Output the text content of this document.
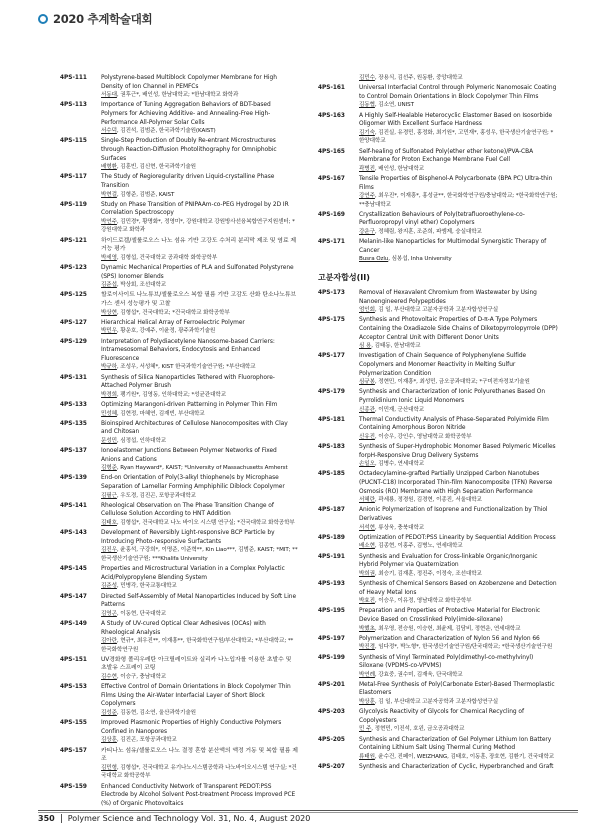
2020 추계학술대회
4PS-111	Polystyrene-based Multiblock Copolymer Membrane for High Density of Ion Channel in PEMFCs
서동대, 권후근*, 배인성, 한남대학교; *한남대학교 화학과
4PS-113	Importance of Tuning Aggregation Behaviors of BDT-based Polymers for Achieving Additive- and Annealing-Free High-Performance All-Polymer Solar Cells
서수덕, 김진석, 김범준, 한국과학기술원(KAIST)
4PS-115	Single-Step Production of Doubly Re-entrant Microstructures through Reaction-Diffusion Photolithography for Omniphobic Surfaces
배형환, 김훈빈, 김신현, 한국과학기술원
4PS-117	The Study of Regioregularity driven Liquid-crystalline Phase Transition
박현걸, 김형준, 김범준, KAIST
4PS-119	Study on Phase Transition of PNIPAAm-co-PEG Hydrogel by 2D IR Correlation Spectroscopy
박연주, 김민경*, 황명화*, 정영미*, 강원대학교 강원방사선융복합연구지원센터; *강원대학교 화학과
4PS-121	하이드로겔/셀룰로오스 나노 섬유 기반 고강도 수처리 분리막 제조 및 염료 제거능 평가
박세영, 김형섭, 건국대학교 공과대학 화학공학부
4PS-123	Dynamic Mechanical Properties of PLA and Sulfonated Polystyrene (SPS) Ionomer Blends
김준섭, 박상회, 조선대학교
4PS-125	할로이사이트 나노튜브/셀룰로오스 복합 필름 기반 고감도 산화 탄소나노튜브 가스 센서 성능평가 및 고찰
박상현, 김형섭*, 건국대학교; *건국대학교 화학공학부
4PS-127	Hierarchical Helical Array of Ferroelectric Polymer
박민우, 황운호, 강예주, 이윤정, 광주과학기술원
4PS-129	Interpretation of Polydiacetylene Nanosome-based Carriers: Intramesosomal Behaviors, Endocytosis and Enhanced Fluorescence
박규하, 조성우, 서성혜*, KIST 한국과학기술연구원; *부산대학교
4PS-131	Synthesis of Silica Nanoparticles Tethered with Fluorophore-Attached Polymer Brush
박경희, 팽기원*, 김영동, 인하대학교; *성균관대학교
4PS-133	Optimizing Marangoni-driven Patterning in Polymer Thin Film
민성혜, 김현정, 마혜연, 김재빈, 부산대학교
4PS-135	Bioinspired Architectures of Cellulose Nanocomposites with Clay and Chitosan
문성민, 심정섭, 인하대학교
4PS-137	Ionoelastomer Junctions Between Polymer Networks of Fixed Anions and Cations
김형준, Ryan Hayward*, KAIST; *University of Massachusetts Amherst
4PS-139	End-on Orientation of Poly(3-alkyl thiophene)s by Microphase Separation of Lamellar Forming Amphiphilic Diblock Copolymer
김필근, 우도경, 김진곤, 포항공과대학교
4PS-141	Rheological Observation on The Phase Transition Change of Cellulose Solution According to HNT Addition
김태호, 김형섭*, 건국대학교 나노 바이오 시스템 연구실; *건국대학교 화학공학부
4PS-143	Development of Reversibly Light-responsive BCP Particle by Introducing Photo-responsive Surfactants
김진우, 윤홍석, 구강희*, 이명준, 이준혁**, Kin Liao***, 김범준, KAIST; *MIT; **한국생산기술연구원; ***Khalifa University
4PS-145	Properties and Microstructural Variation in a Complex Polylactic Acid/Polypropylene Blending System
김준성, 민병각, 한국교통대학교
4PS-147	Directed Self-Assembly of Metal Nanoparticles Induced by Soft Line Patterns
김영곤, 이동현, 단국대학교
4PS-149	A Study of UV-cured Optical Clear Adhesives (OCAs) with Rheological Analysis
김아란, 현규*, 최우진**, 이재흥**, 한국화학연구원/부산대학교; *부산대학교; **한국화학연구원
4PS-151	UV경화형 폴리우레탄 아크릴레이트와 실리카 나노입자를 이용한 초발수 및 초발유 스프레이 코팅
김수현, 이승구, 충남대학교
4PS-153	Effective Control of Domain Orientations in Block Copolymer Thin Films Using the Air-Water Interfacial Layer of Short Block Copolymers
김성준, 김동현, 김소연, 울산과학기술원
4PS-155	Improved Plasmonic Properties of Highly Conductive Polymers Confined in Nanopores
김상훈, 김진곤, 포항공과대학교
4PS-157	카티나노 섬유/셀룰로오스 나노 결정 혼합 분산액의 액정 거동 및 복합 필름 제조
김민형, 김형섭*, 건국대학교 유기나노시스템공학과 나노바이오시스템 연구실; *건국대학교 화학공학부
4PS-159	Enhanced Conductivity Network of Transparent PEDOT:PSS Electrode by Alcohol Solvent Post-treatment Process Improved PCE (%) of Organic Photovoltaics
김민수, 장용식, 김선주, 원동환, 중앙대학교
4PS-161	Universal Interfacial Control through Polymeric Nanomosaic Coating to Control Domain Orientations in Block Copolymer Thin Films
김동협, 김소연, UNIST
4PS-163	A Highly Self-Healable Heterocyclic Elastomer Based on Isosorbide Oligomer With Excellent Surface Hardness
김기숙, 김진실, 유경민, 홍정화, 최기원*, 고민재*, 홍성우, 한국생산기술연구원; *한양대학교
4PS-165	Self-healing of Sulfonated Poly(ether ether ketone)/PVA-CBA Membrane for Proton Exchange Membrane Fuel Cell
곽병진, 배인성, 한남대학교
4PS-167	Tensile Properties of Bisphenol-A Polycarbonate (BPA PC) Ultra-thin Films
강연주, 최우진*, 이재흥*, 홍성균**, 한국화학연구원/충남대학교; *한국화학연구원; **충남대학교
4PS-169	Crystallization Behaviours of Poly(tetrafluoroethylene-co-Perfluoropropyl vinyl ether) Copolymers
강운구, 정혜림, 왕지훈, 조준희, 파엠제, 숭실대학교
4PS-171	Melanin-like Nanoparticles for Multimodal Synergistic Therapy of Cancer
Busra Ozlu, 심봉섭, Inha University
고분자합성(II)
4PS-173	Removal of Hexavalent Chromium from Wastewater by Using Nanoengineered Polypeptides
엄인회, 김 일, 부산대학교 고분자공학과 고분자합성연구실
4PS-175	Synthesis and Photovoltaic Properties of D-π-A Type Polymers Containing the Oxadiazole Side Chains of Diketopyrrolopyrrole (DPP) Acceptor Central Unit with Different Donor Units
심 용, 김태동, 한남대학교
4PS-177	Investigation of Chain Sequence of Polyphenylene Sulfide Copolymers and Monomer Reactivity in Melting Sulfur Polymerization Condition
심규봉, 정현민, 이재흥*, 최성민, 금오공과대학교; *구미전자정보기술원
4PS-179	Synthesis and Characterization of Ionic Polyurethanes Based On Pyrrolidinium Ionic Liquid Monomers
신종관, 이민재, 군산대학교
4PS-181	Thermal Conductivity Analysis of Phase-Separated Polyimide Film Containing Amorphous Boron Nitride
신유진, 이승우, 강인수, 영남대학교 화학공학부
4PS-183	Synthesis of Super-Hydrophobic Monomer Based Polymeric Micelles forpH-Responsive Drug Delivery Systems
손일오, 김병수, 연세대학교
4PS-185	Octadecylamine-grafted Partially Unzipped Carbon Nanotubes (PUCNT-C18) Incorporated Thin-film Nanocomposite (TFN) Reverse Osmosis (RO) Membrane with High Separation Performance
서혜란, 곽세룡, 정경원, 김경현, 이종진, 서울대학교
4PS-187	Anionic Polymerization of Isoprene and Functionalization by Thiol Derivatives
서석현, 류상욱, 충북대학교
4PS-189	Optimization of PEDOT:PSS Linearity by Sequential Addition Process
배소현, 김종현, 이홍주, 김병노, 연세대학교
4PS-191	Synthesis and Evaluation for Cross-linkable Organic/Inorganic Hybrid Polymer via Quaternization
박희권, 최승기, 김재훈, 정진주, 이정숙, 조선대학교
4PS-193	Synthesis of Chemical Sensors Based on Azobenzene and Detection of Heavy Metal Ions
박효진, 이승우, 이유정, 영남대학교 화학공학부
4PS-195	Preparation and Properties of Protective Material for Electronic Device Based on Crosslinked Poly(imide-siloxane)
박했초, 최우영, 전승원, 이승헌, 최윤제, 김담비, 정현운, 연세대학교
4PS-197	Polymerization and Characterization of Nylon 56 and Nylon 66
박진경, 임다정*, 박노형*, 한국생산기술연구원/단국대학교; *한국생산기술연구원
4PS-199	Synthesis of Vinyl Terminated Poly(dimethyl-co-methylvinyl) Siloxane (VPDMS-co-VPVMS)
박연례, 강효중, 권수미, 김재욱, 단국대학교
4PS-201	Metal-Free Synthesis of Poly(Carbonate Ester)-Based Thermoplastic Elastomers
박상훈, 김 일, 부산대학교 고분자공학과 고분자합성연구실
4PS-203	Glycolysis Reactivity of Glycols for Chemical Recycling of Copolyesters
민 주, 정현민, 이진석, 호윈, 금오공과대학교
4PS-205	Synthesis and Characterization of Gel Polymer Lithium Ion Battery Containing Lithium Salt Using Thermal Curing Method
류태원, 윤수건, 진페이, WEIZHANG, 김태호, 이동훈, 장호현, 김환기, 건국대학교
4PS-207	Synthesis and Characterization of Cyclic, Hyperbranched and Graft
350 Polymer Science and Technology Vol. 31, No. 4, August 2020
